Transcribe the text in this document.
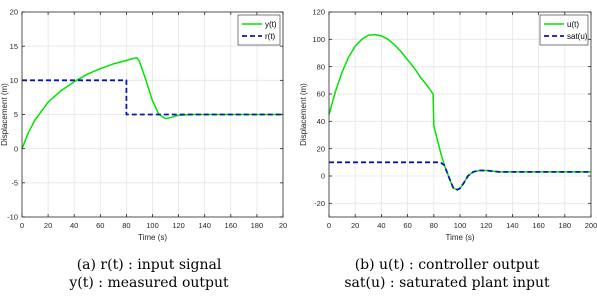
0	20 40 60 80 100 120 140 160 180 20
-10
-5
0
5
10
15
20
Time (s)
Displacement (m)
y(t)
r(t)
0	20 40 60 80 100 120 140 160 180 200
-20
0
20
40
60
80
100
120
Time (s)
Displacement (m)
u(t)
sat(u)
(a) r(t) : input signal
y(t) : measured output
(b) u(t) : controller output
sat(u) : saturated plant input
